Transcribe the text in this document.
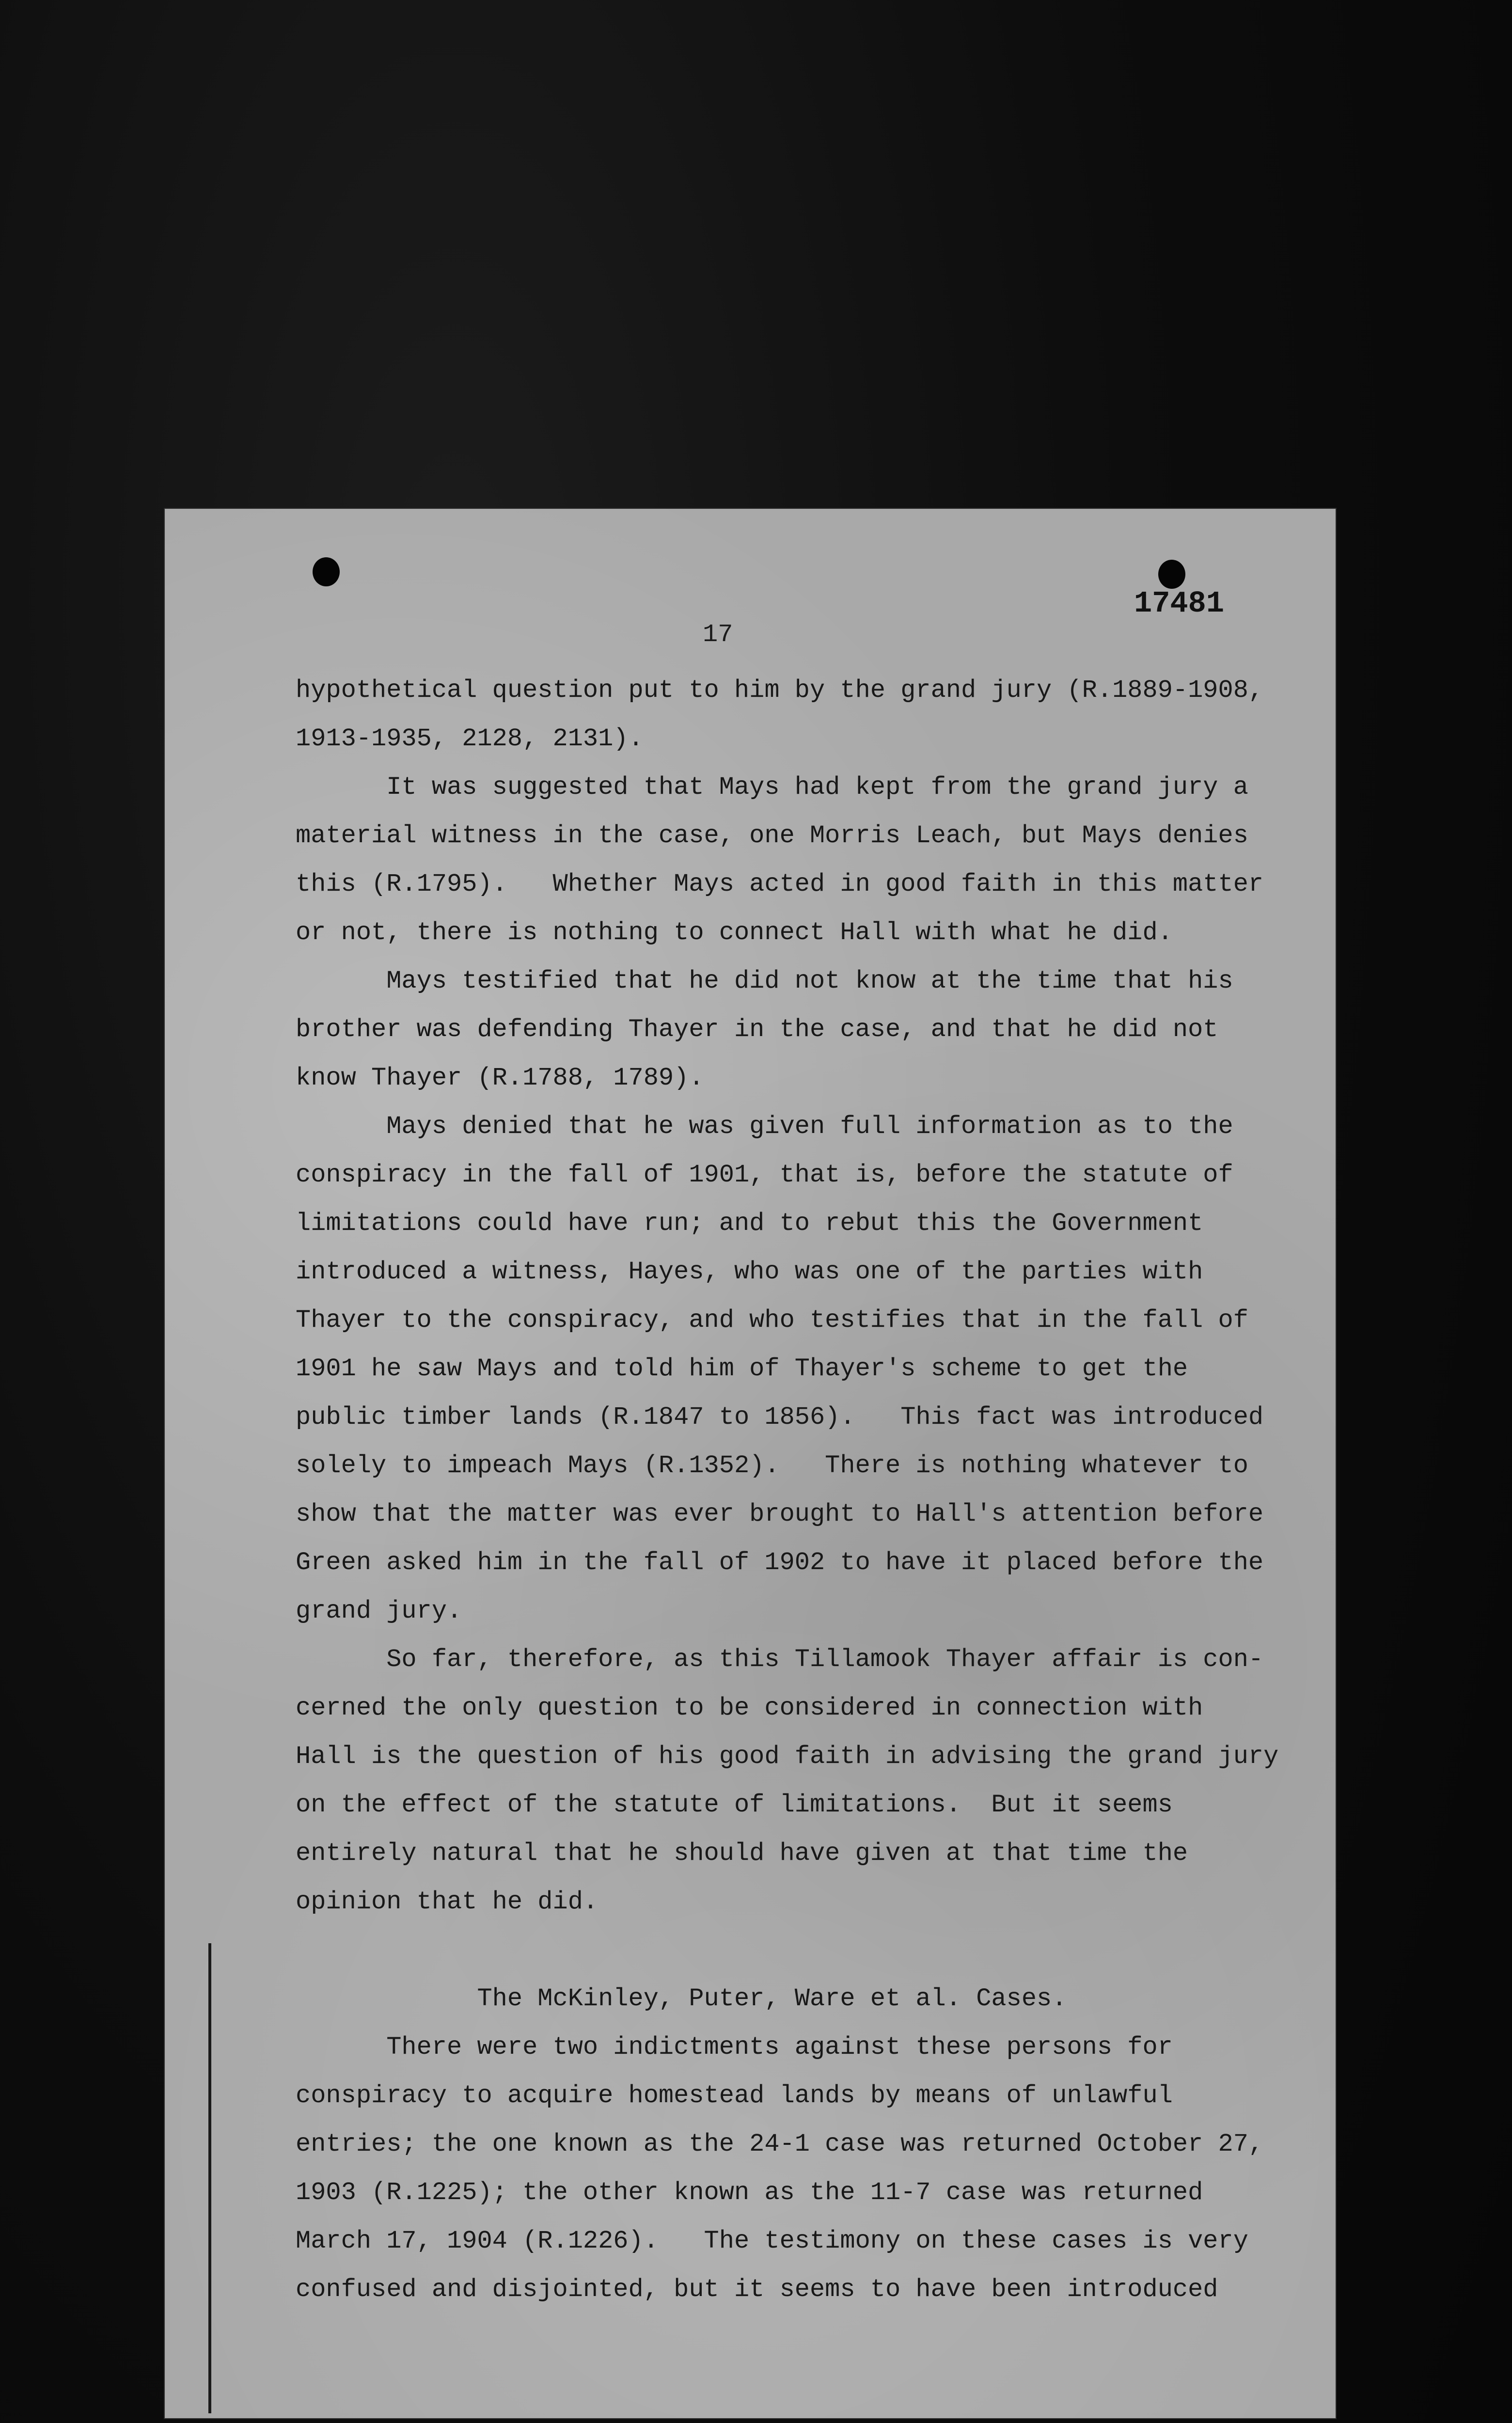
17
17481
hypothetical question put to him by the grand jury (R.1889-1908,
1913-1935, 2128, 2131).
It was suggested that Mays had kept from the grand jury a
material witness in the case, one Morris Leach, but Mays denies
this (R.1795).   Whether Mays acted in good faith in this matter
or not, there is nothing to connect Hall with what he did.
Mays testified that he did not know at the time that his
brother was defending Thayer in the case, and that he did not
know Thayer (R.1788, 1789).
Mays denied that he was given full information as to the
conspiracy in the fall of 1901, that is, before the statute of
limitations could have run; and to rebut this the Government
introduced a witness, Hayes, who was one of the parties with
Thayer to the conspiracy, and who testifies that in the fall of
1901 he saw Mays and told him of Thayer's scheme to get the
public timber lands (R.1847 to 1856).   This fact was introduced
solely to impeach Mays (R.1352).   There is nothing whatever to
show that the matter was ever brought to Hall's attention before
Green asked him in the fall of 1902 to have it placed before the
grand jury.
So far, therefore, as this Tillamook Thayer affair is con-
cerned the only question to be considered in connection with
Hall is the question of his good faith in advising the grand jury
on the effect of the statute of limitations.  But it seems
entirely natural that he should have given at that time the
opinion that he did.
The McKinley, Puter, Ware et al. Cases.
There were two indictments against these persons for
conspiracy to acquire homestead lands by means of unlawful
entries; the one known as the 24-1 case was returned October 27,
1903 (R.1225); the other known as the 11-7 case was returned
March 17, 1904 (R.1226).   The testimony on these cases is very
confused and disjointed, but it seems to have been introduced
